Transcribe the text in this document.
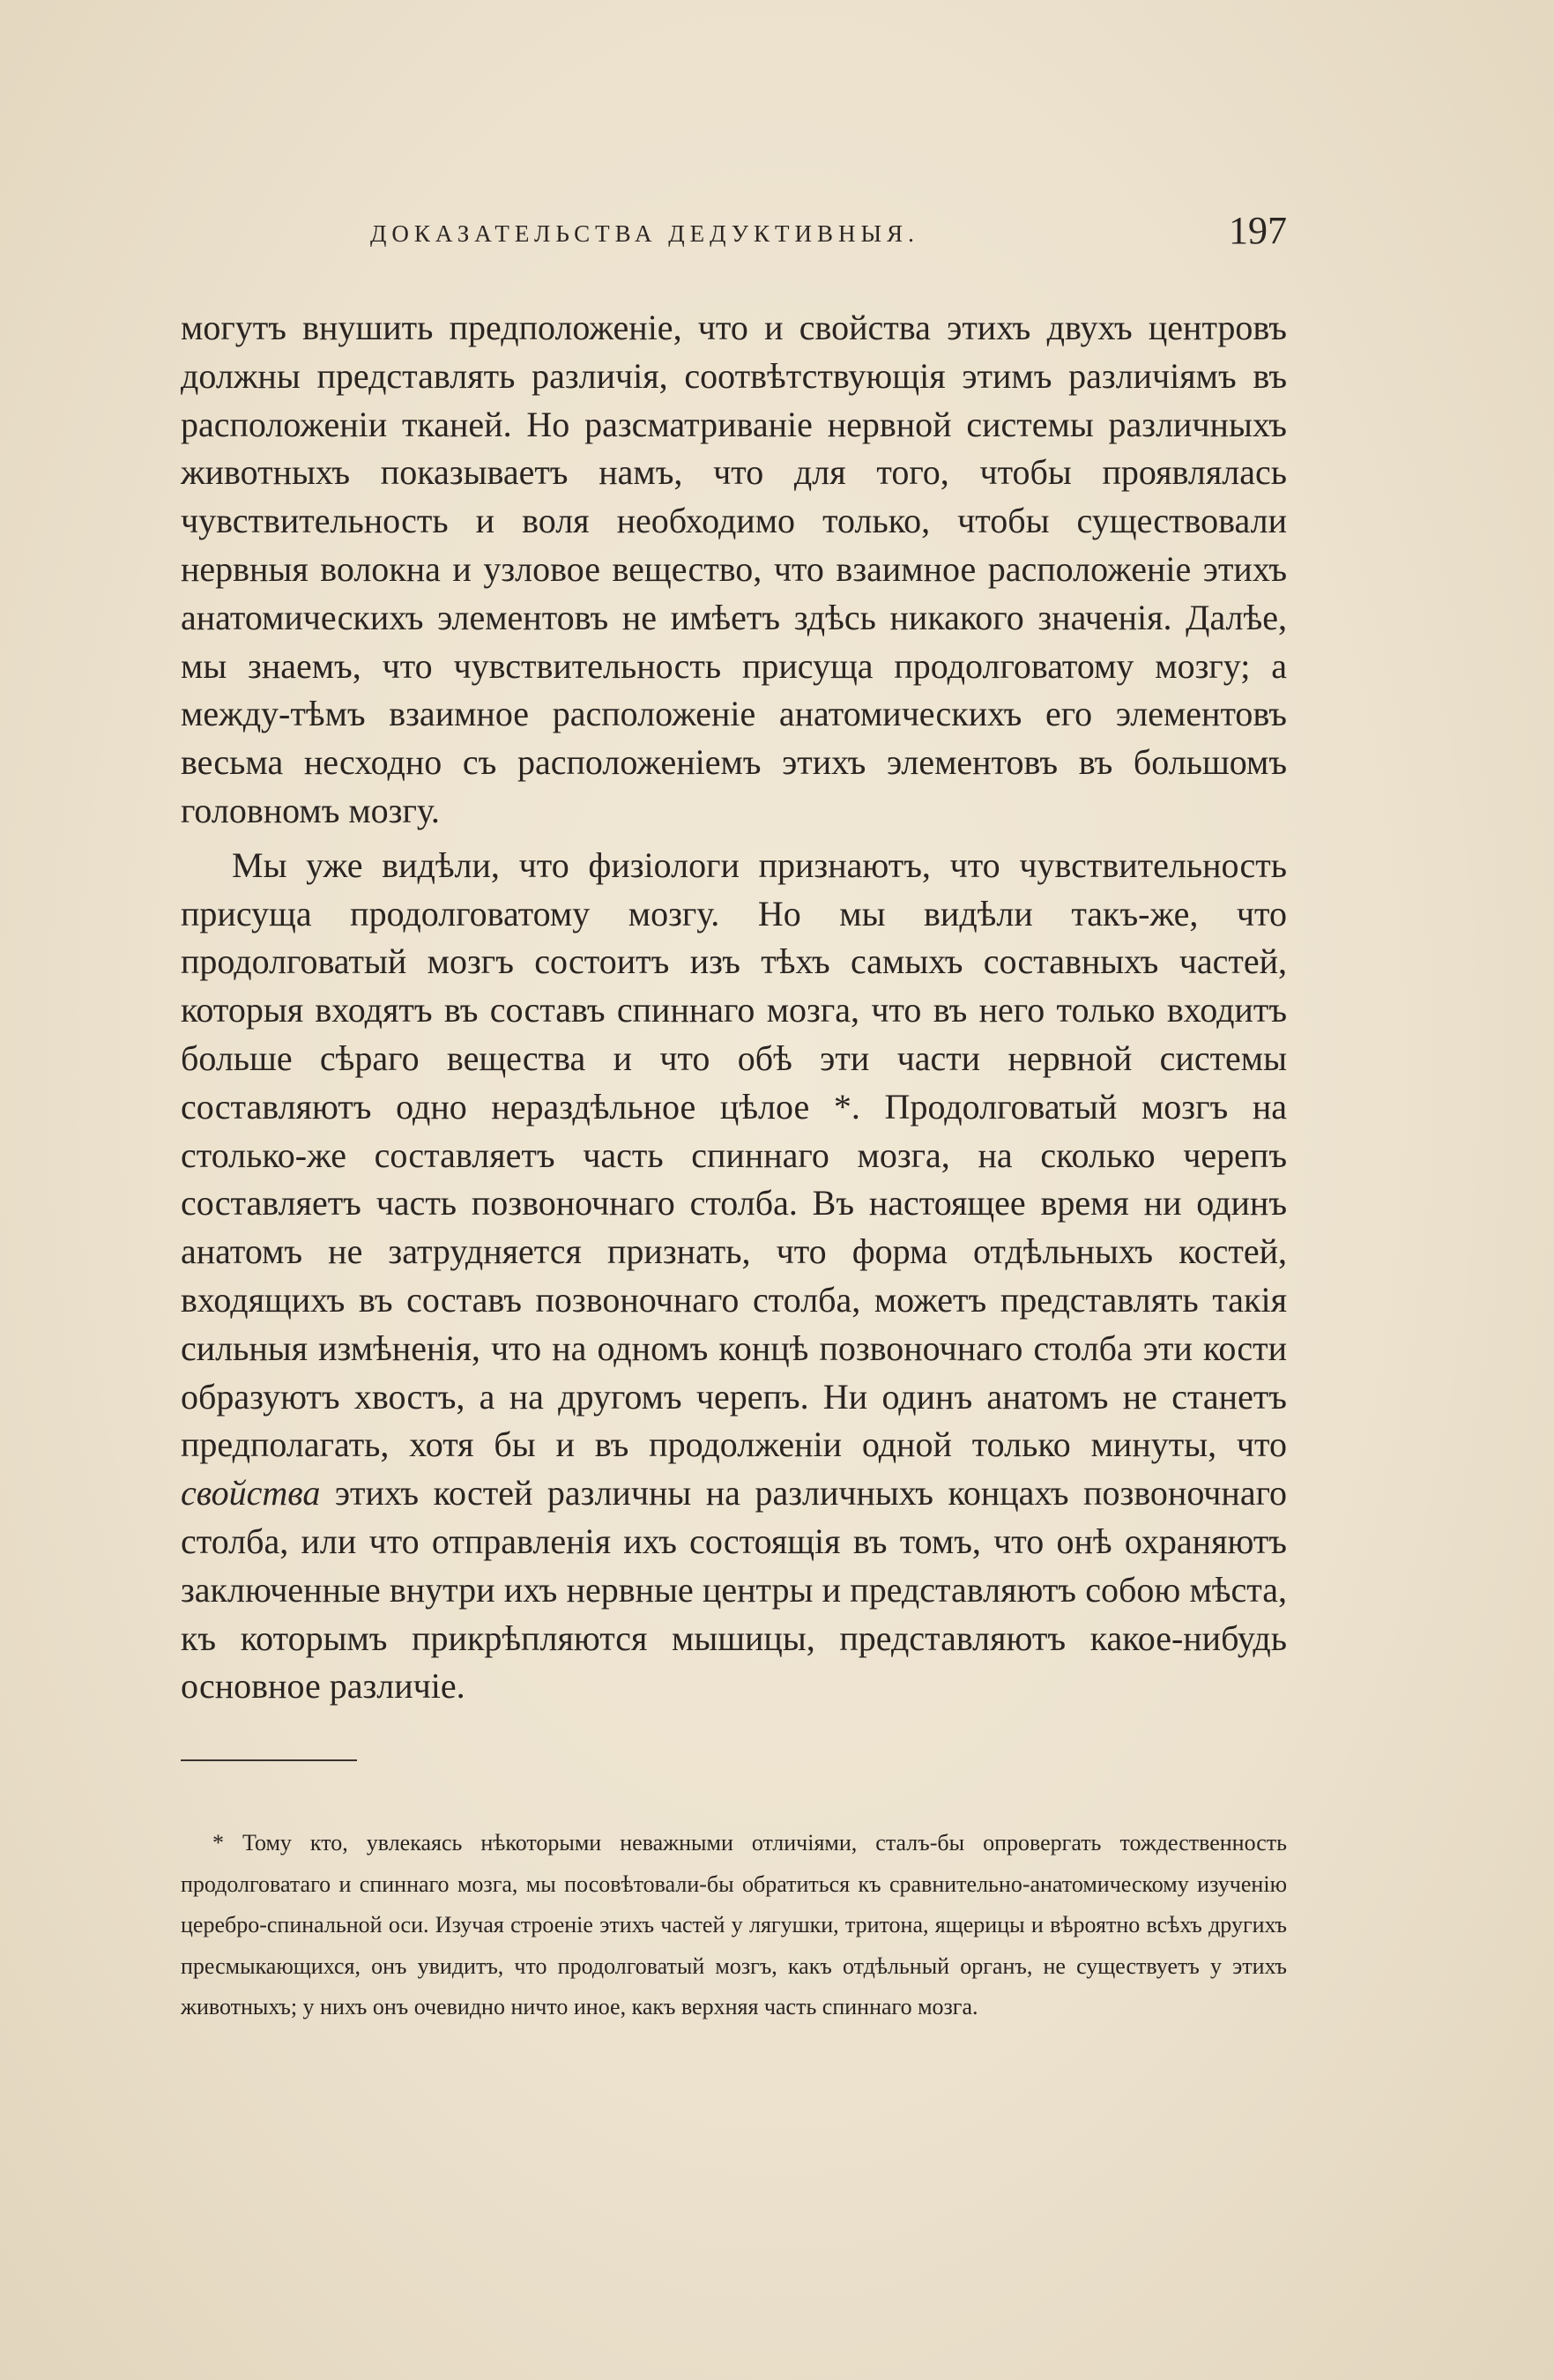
ДОКАЗАТЕЛЬСТВА ДЕДУКТИВНЫЯ.	197

могутъ внушить предположеніе, что и свойства этихъ двухъ центровъ должны представлять различія, соотвѣтствующія этимъ различіямъ въ расположеніи тканей. Но разсматриваніе нервной системы различныхъ животныхъ показываетъ намъ, что для того, чтобы проявлялась чувствительность и воля необходимо только, чтобы существовали нервныя волокна и узловое вещество, что взаимное расположеніе этихъ анатомическихъ элементовъ не имѣетъ здѣсь никакого значенія. Далѣе, мы знаемъ, что чувствительность присуща продолговатому мозгу; а между-тѣмъ взаимное расположеніе анатомическихъ его элементовъ весьма несходно съ расположеніемъ этихъ элементовъ въ большомъ головномъ мозгу.

Мы уже видѣли, что физіологи признаютъ, что чувствительность присуща продолговатому мозгу. Но мы видѣли такъ-же, что продолговатый мозгъ состоитъ изъ тѣхъ самыхъ составныхъ частей, которыя входятъ въ составъ спиннаго мозга, что въ него только входитъ больше сѣраго вещества и что обѣ эти части нервной системы составляютъ одно нераздѣльное цѣлое *. Продолговатый мозгъ на столько-же составляетъ часть спиннаго мозга, на сколько черепъ составляетъ часть позвоночнаго столба. Въ настоящее время ни одинъ анатомъ не затрудняется признать, что форма отдѣльныхъ костей, входящихъ въ составъ позвоночнаго столба, можетъ представлять такія сильныя измѣненія, что на одномъ концѣ позвоночнаго столба эти кости образуютъ хвостъ, а на другомъ черепъ. Ни одинъ анатомъ не станетъ предполагать, хотя бы и въ продолженіи одной только минуты, что свойства этихъ костей различны на различныхъ концахъ позвоночнаго столба, или что отправленія ихъ состоящія въ томъ, что онѣ охраняютъ заключенные внутри ихъ нервные центры и представляютъ собою мѣста, къ которымъ прикрѣпляются мышицы, представляютъ какое-нибудь основное различіе.

* Тому кто, увлекаясь нѣкоторыми неважными отличіями, сталъ-бы опровергать тождественность продолговатаго и спиннаго мозга, мы посовѣтовали-бы обратиться къ сравнительно-анатомическому изученію церебро-спинальной оси. Изучая строеніе этихъ частей у лягушки, тритона, ящерицы и вѣроятно всѣхъ другихъ пресмыкающихся, онъ увидитъ, что продолговатый мозгъ, какъ отдѣльный органъ, не существуетъ у этихъ животныхъ; у нихъ онъ очевидно ничто иное, какъ верхняя часть спиннаго мозга.
